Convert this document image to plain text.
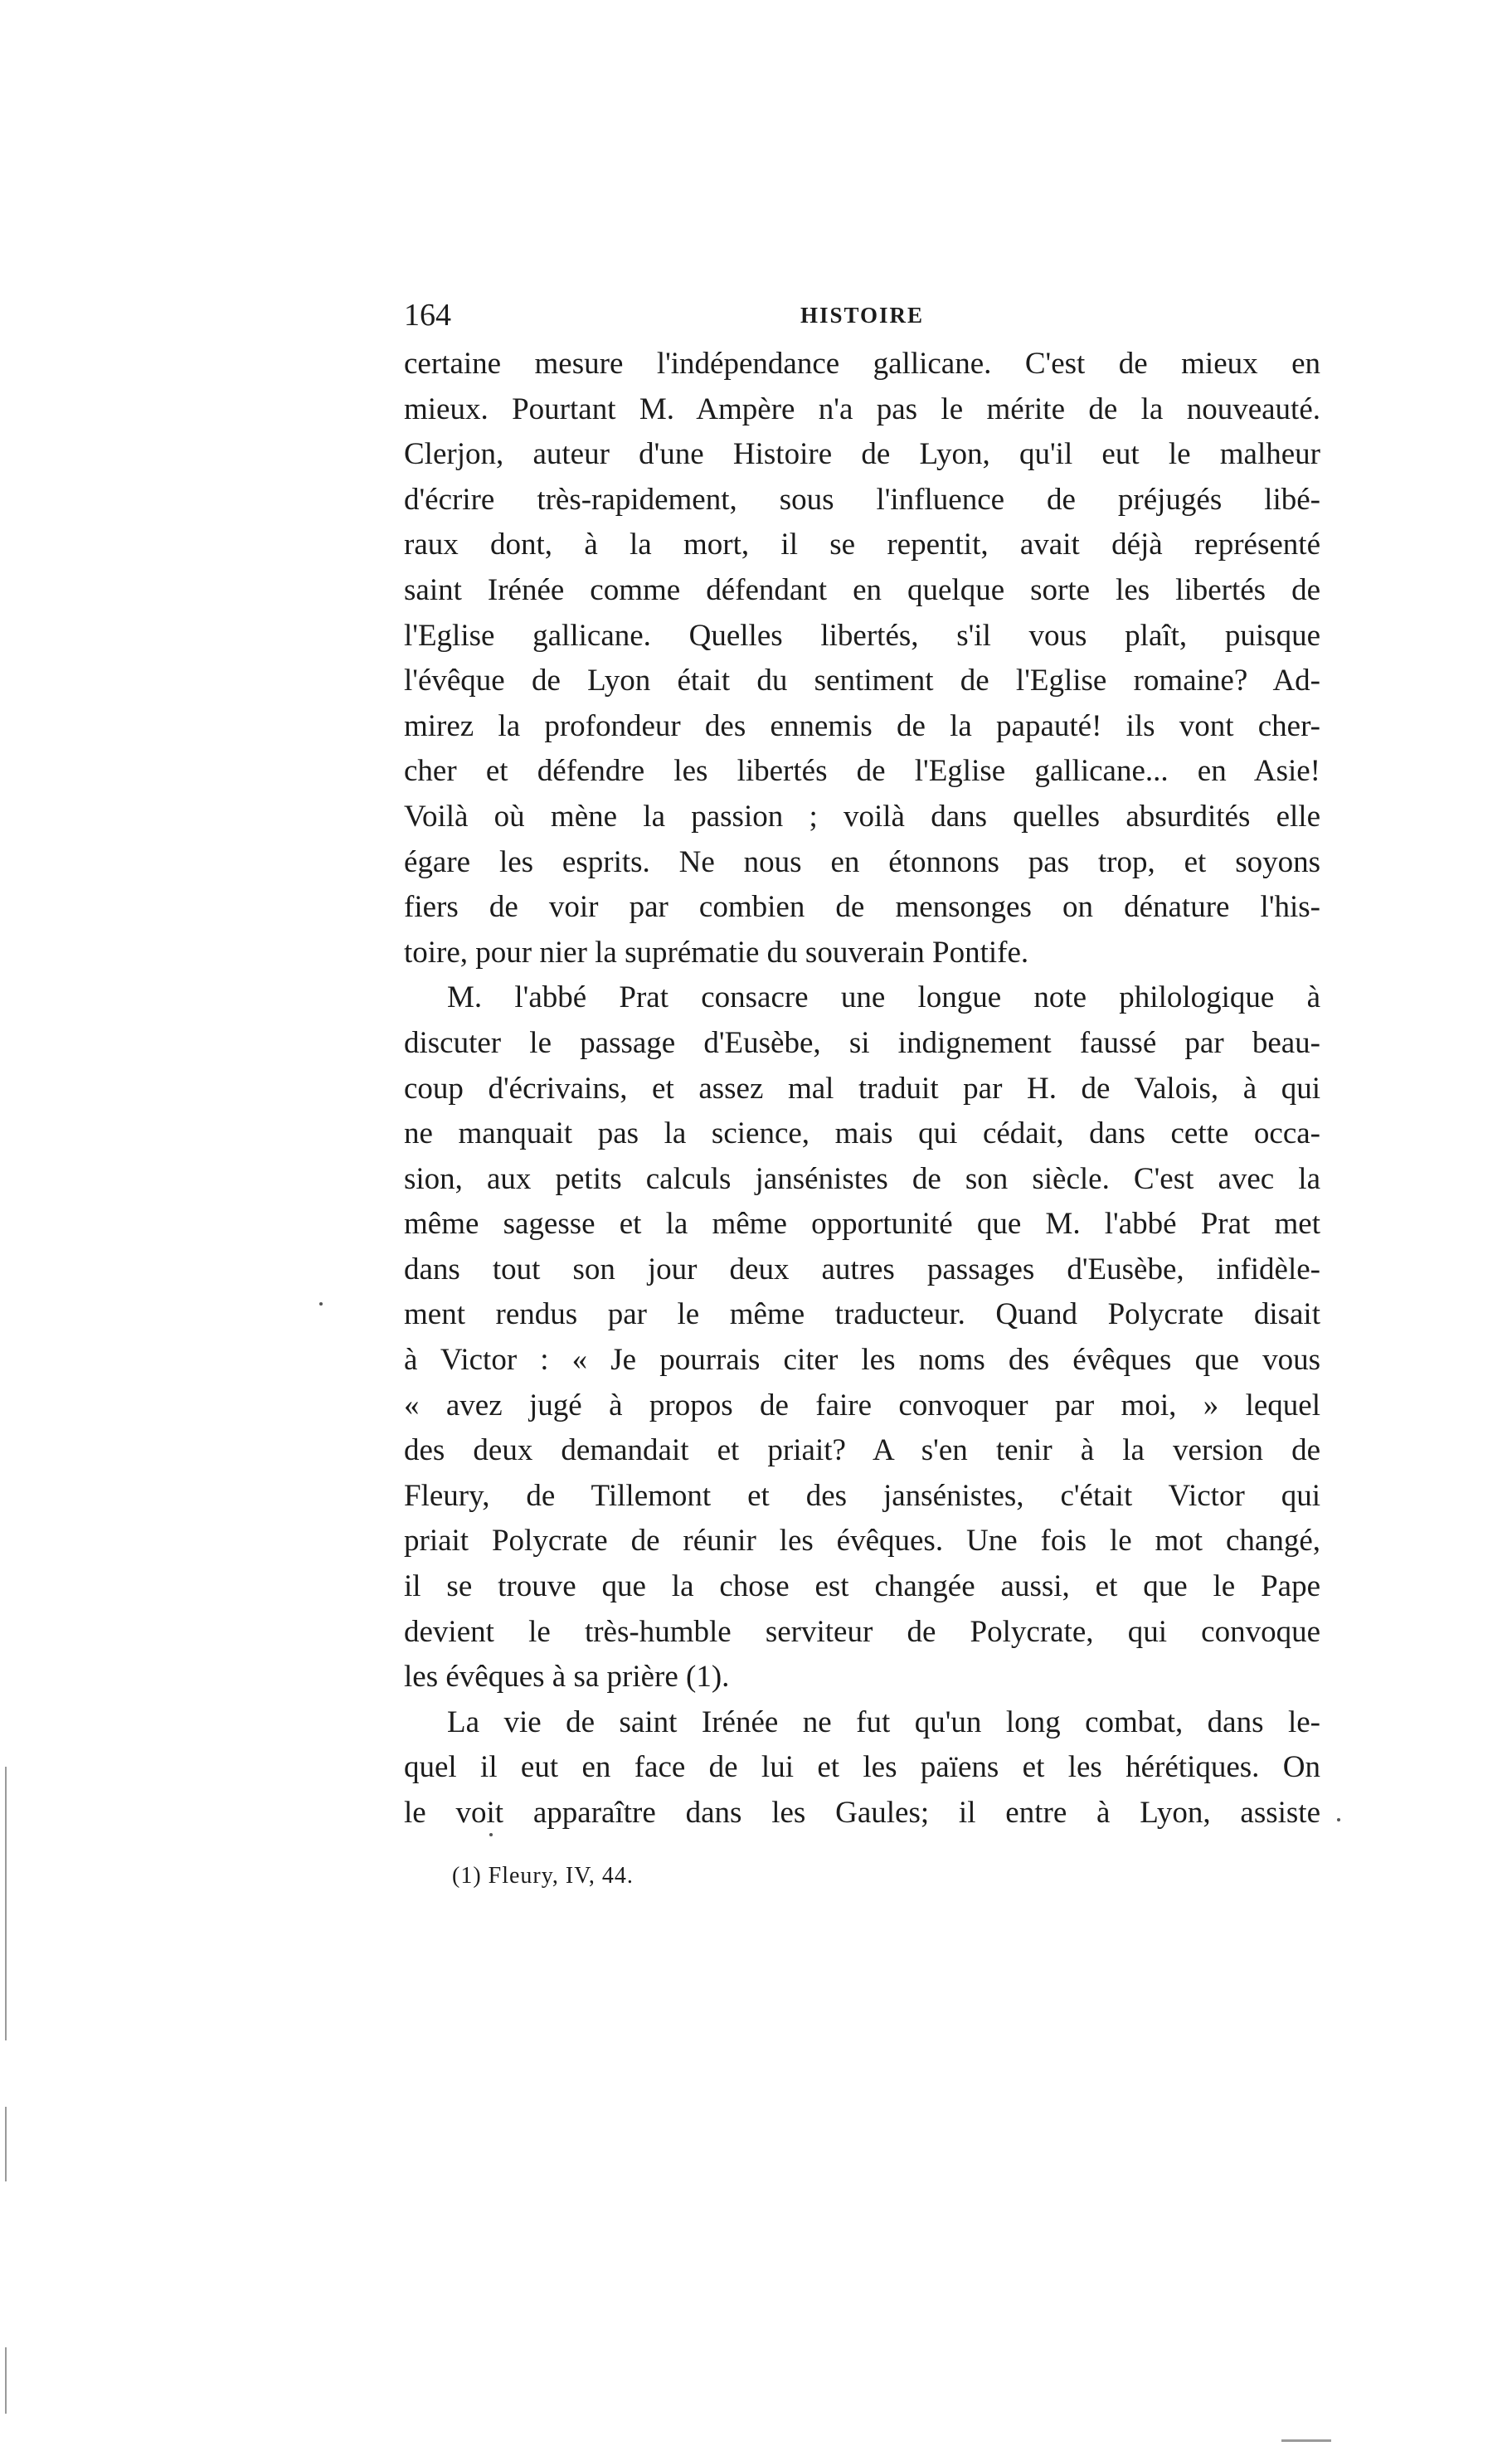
164	HISTOIRE
certaine mesure l'indépendance gallicane. C'est de mieux en
mieux. Pourtant M. Ampère n'a pas le mérite de la nouveauté.
Clerjon, auteur d'une Histoire de Lyon, qu'il eut le malheur
d'écrire très-rapidement, sous l'influence de préjugés libé-
raux dont, à la mort, il se repentit, avait déjà représenté
saint Irénée comme défendant en quelque sorte les libertés de
l'Eglise gallicane. Quelles libertés, s'il vous plaît, puisque
l'évêque de Lyon était du sentiment de l'Eglise romaine? Ad-
mirez la profondeur des ennemis de la papauté! ils vont cher-
cher et défendre les libertés de l'Eglise gallicane... en Asie!
Voilà où mène la passion ; voilà dans quelles absurdités elle
égare les esprits. Ne nous en étonnons pas trop, et soyons
fiers de voir par combien de mensonges on dénature l'his-
toire, pour nier la suprématie du souverain Pontife.
M. l'abbé Prat consacre une longue note philologique à
discuter le passage d'Eusèbe, si indignement faussé par beau-
coup d'écrivains, et assez mal traduit par H. de Valois, à qui
ne manquait pas la science, mais qui cédait, dans cette occa-
sion, aux petits calculs jansénistes de son siècle. C'est avec la
même sagesse et la même opportunité que M. l'abbé Prat met
dans tout son jour deux autres passages d'Eusèbe, infidèle-
ment rendus par le même traducteur. Quand Polycrate disait
à Victor : « Je pourrais citer les noms des évêques que vous
« avez jugé à propos de faire convoquer par moi, » lequel
des deux demandait et priait? A s'en tenir à la version de
Fleury, de Tillemont et des jansénistes, c'était Victor qui
priait Polycrate de réunir les évêques. Une fois le mot changé,
il se trouve que la chose est changée aussi, et que le Pape
devient le très-humble serviteur de Polycrate, qui convoque
les évêques à sa prière (1).
La vie de saint Irénée ne fut qu'un long combat, dans le-
quel il eut en face de lui et les païens et les hérétiques. On
le voit apparaître dans les Gaules; il entre à Lyon, assiste
(1) Fleury, IV, 44.
